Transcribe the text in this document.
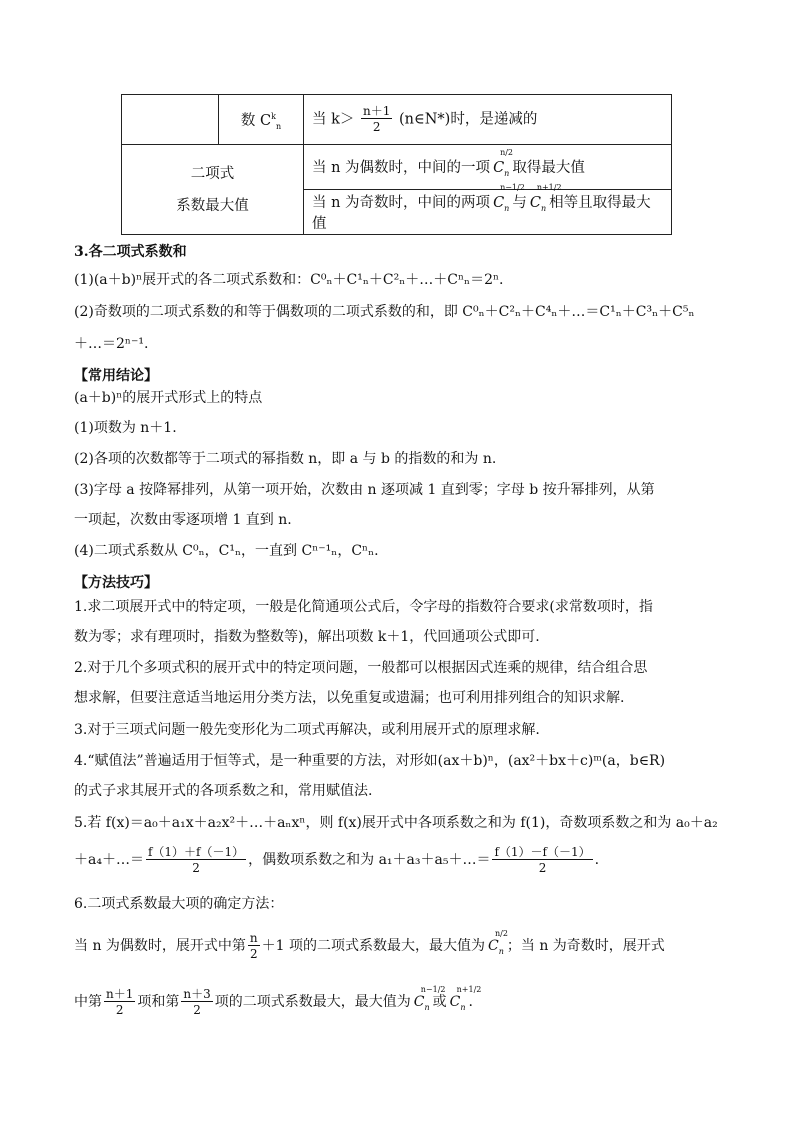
	数 $C^k_n$	当 $k> \frac{n+1}{2}$ (n∈N*)时，是递减的
二项式
系数最大值		当 n 为偶数时，中间的一项 C
n/2
$_n$ 取得最大值
		当 n 为奇数时，中间的两项 C
n−1/2
$_n$ 与 C
n+1/2
$_n$ 相等且取得最大值
3.各二项式系数和
(1)(a＋b)ⁿ展开式的各二项式系数和：C⁰ₙ＋C¹ₙ＋C²ₙ＋…＋Cⁿₙ＝2ⁿ.
(2)奇数项的二项式系数的和等于偶数项的二项式系数的和，即 C⁰ₙ＋C²ₙ＋C⁴ₙ＋…＝C¹ₙ＋C³ₙ＋C⁵ₙ
＋…＝2ⁿ⁻¹.
【常用结论】
(a＋b)ⁿ的展开式形式上的特点
(1)项数为 n＋1.
(2)各项的次数都等于二项式的幂指数 n，即 a 与 b 的指数的和为 n.
(3)字母 a 按降幂排列，从第一项开始，次数由 n 逐项减 1 直到零；字母 b 按升幂排列，从第
一项起，次数由零逐项增 1 直到 n.
(4)二项式系数从 C⁰ₙ，C¹ₙ，一直到 Cⁿ⁻¹ₙ，Cⁿₙ.
【方法技巧】
1.求二项展开式中的特定项，一般是化简通项公式后，令字母的指数符合要求(求常数项时，指
数为零；求有理项时，指数为整数等)，解出项数 k＋1，代回通项公式即可.
2.对于几个多项式积的展开式中的特定项问题，一般都可以根据因式连乘的规律，结合组合思
想求解，但要注意适当地运用分类方法，以免重复或遗漏；也可利用排列组合的知识求解.
3.对于三项式问题一般先变形化为二项式再解决，或利用展开式的原理求解.
4.“赋值法”普遍适用于恒等式，是一种重要的方法，对形如(ax＋b)ⁿ，(ax²＋bx＋c)ᵐ(a，b∈R)
的式子求其展开式的各项系数之和，常用赋值法.
5.若 f(x)＝a₀＋a₁x＋a₂x²＋…＋aₙxⁿ，则 f(x)展开式中各项系数之和为 f(1)，奇数项系数之和为 a₀＋a₂
＋a₄＋…＝ $\frac{f(1)+f(-1)}{2}$ ，偶数项系数之和为 a₁＋a₃＋a₅＋…＝ $\frac{f(1)-f(-1)}{2}$ .
6.二项式系数最大项的确定方法：
当 n 为偶数时，展开式中第 $\frac{n}{2} +1$ 项的二项式系数最大，最大值为 C
n/2
$_n$ ；当 n 为奇数时，展开式
中第 $\frac{n+1}{2}$ 项和第 $\frac{n+3}{2}$ 项的二项式系数最大，最大值为 C
n−1/2
$_n$ 或 C
n+1/2
$_n$ .
